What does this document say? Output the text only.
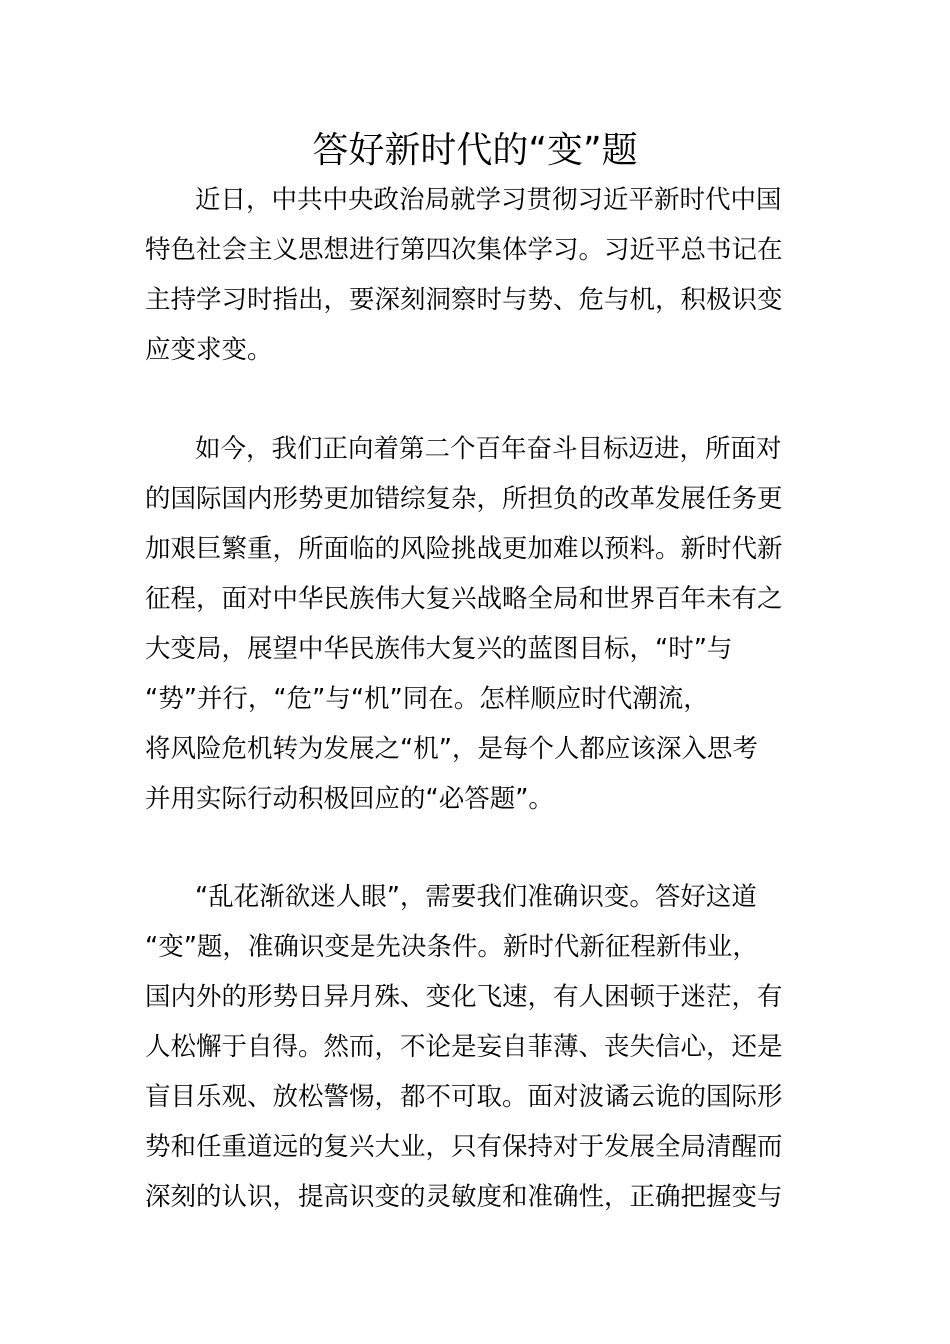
答好新时代的“变”题
近日，中共中央政治局就学习贯彻习近平新时代中国
特色社会主义思想进行第四次集体学习。习近平总书记在
主持学习时指出，要深刻洞察时与势、危与机，积极识变
应变求变。
如今，我们正向着第二个百年奋斗目标迈进，所面对
的国际国内形势更加错综复杂，所担负的改革发展任务更
加艰巨繁重，所面临的风险挑战更加难以预料。新时代新
征程，面对中华民族伟大复兴战略全局和世界百年未有之
大变局，展望中华民族伟大复兴的蓝图目标，“时”与
“势”并行，“危”与“机”同在。怎样顺应时代潮流，
将风险危机转为发展之“机”，是每个人都应该深入思考
并用实际行动积极回应的“必答题”。
“乱花渐欲迷人眼”，需要我们准确识变。答好这道
“变”题，准确识变是先决条件。新时代新征程新伟业，
国内外的形势日异月殊、变化飞速，有人困顿于迷茫，有
人松懈于自得。然而，不论是妄自菲薄、丧失信心，还是
盲目乐观、放松警惕，都不可取。面对波谲云诡的国际形
势和任重道远的复兴大业，只有保持对于发展全局清醒而
深刻的认识，提高识变的灵敏度和准确性，正确把握变与
